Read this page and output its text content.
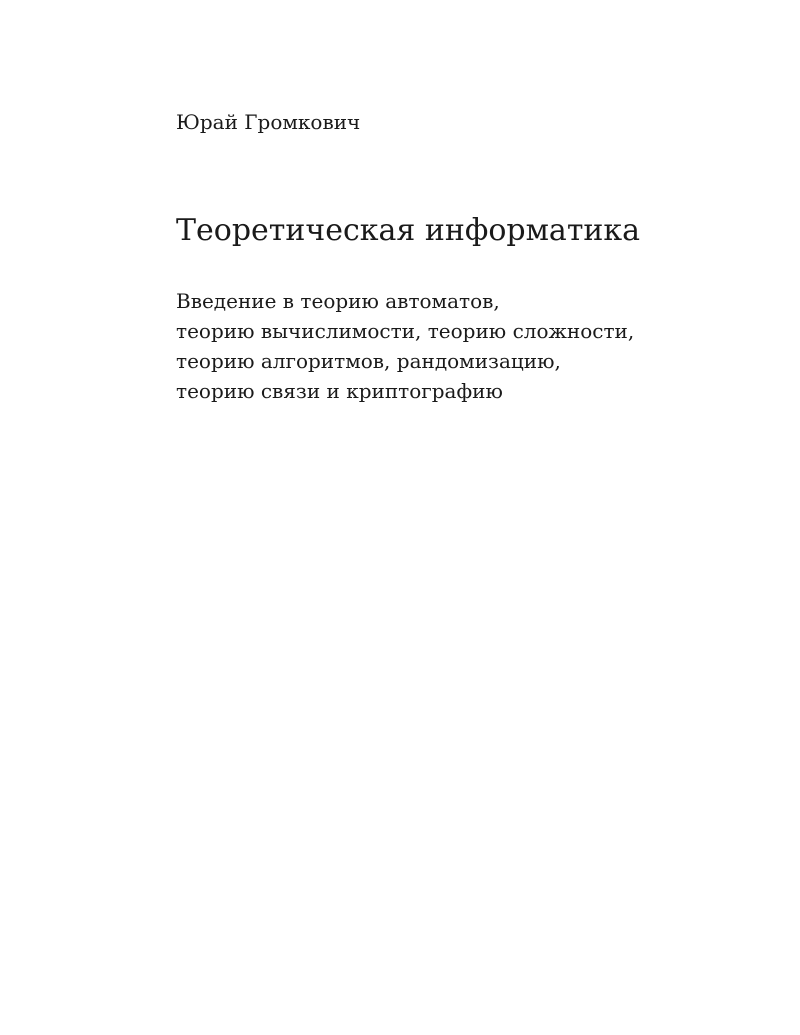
Юрай Громкович
Теоретическая информатика
Введение в теорию автоматов,
теорию вычислимости, теорию сложности,
теорию алгоритмов, рандомизацию,
теорию связи и криптографию
